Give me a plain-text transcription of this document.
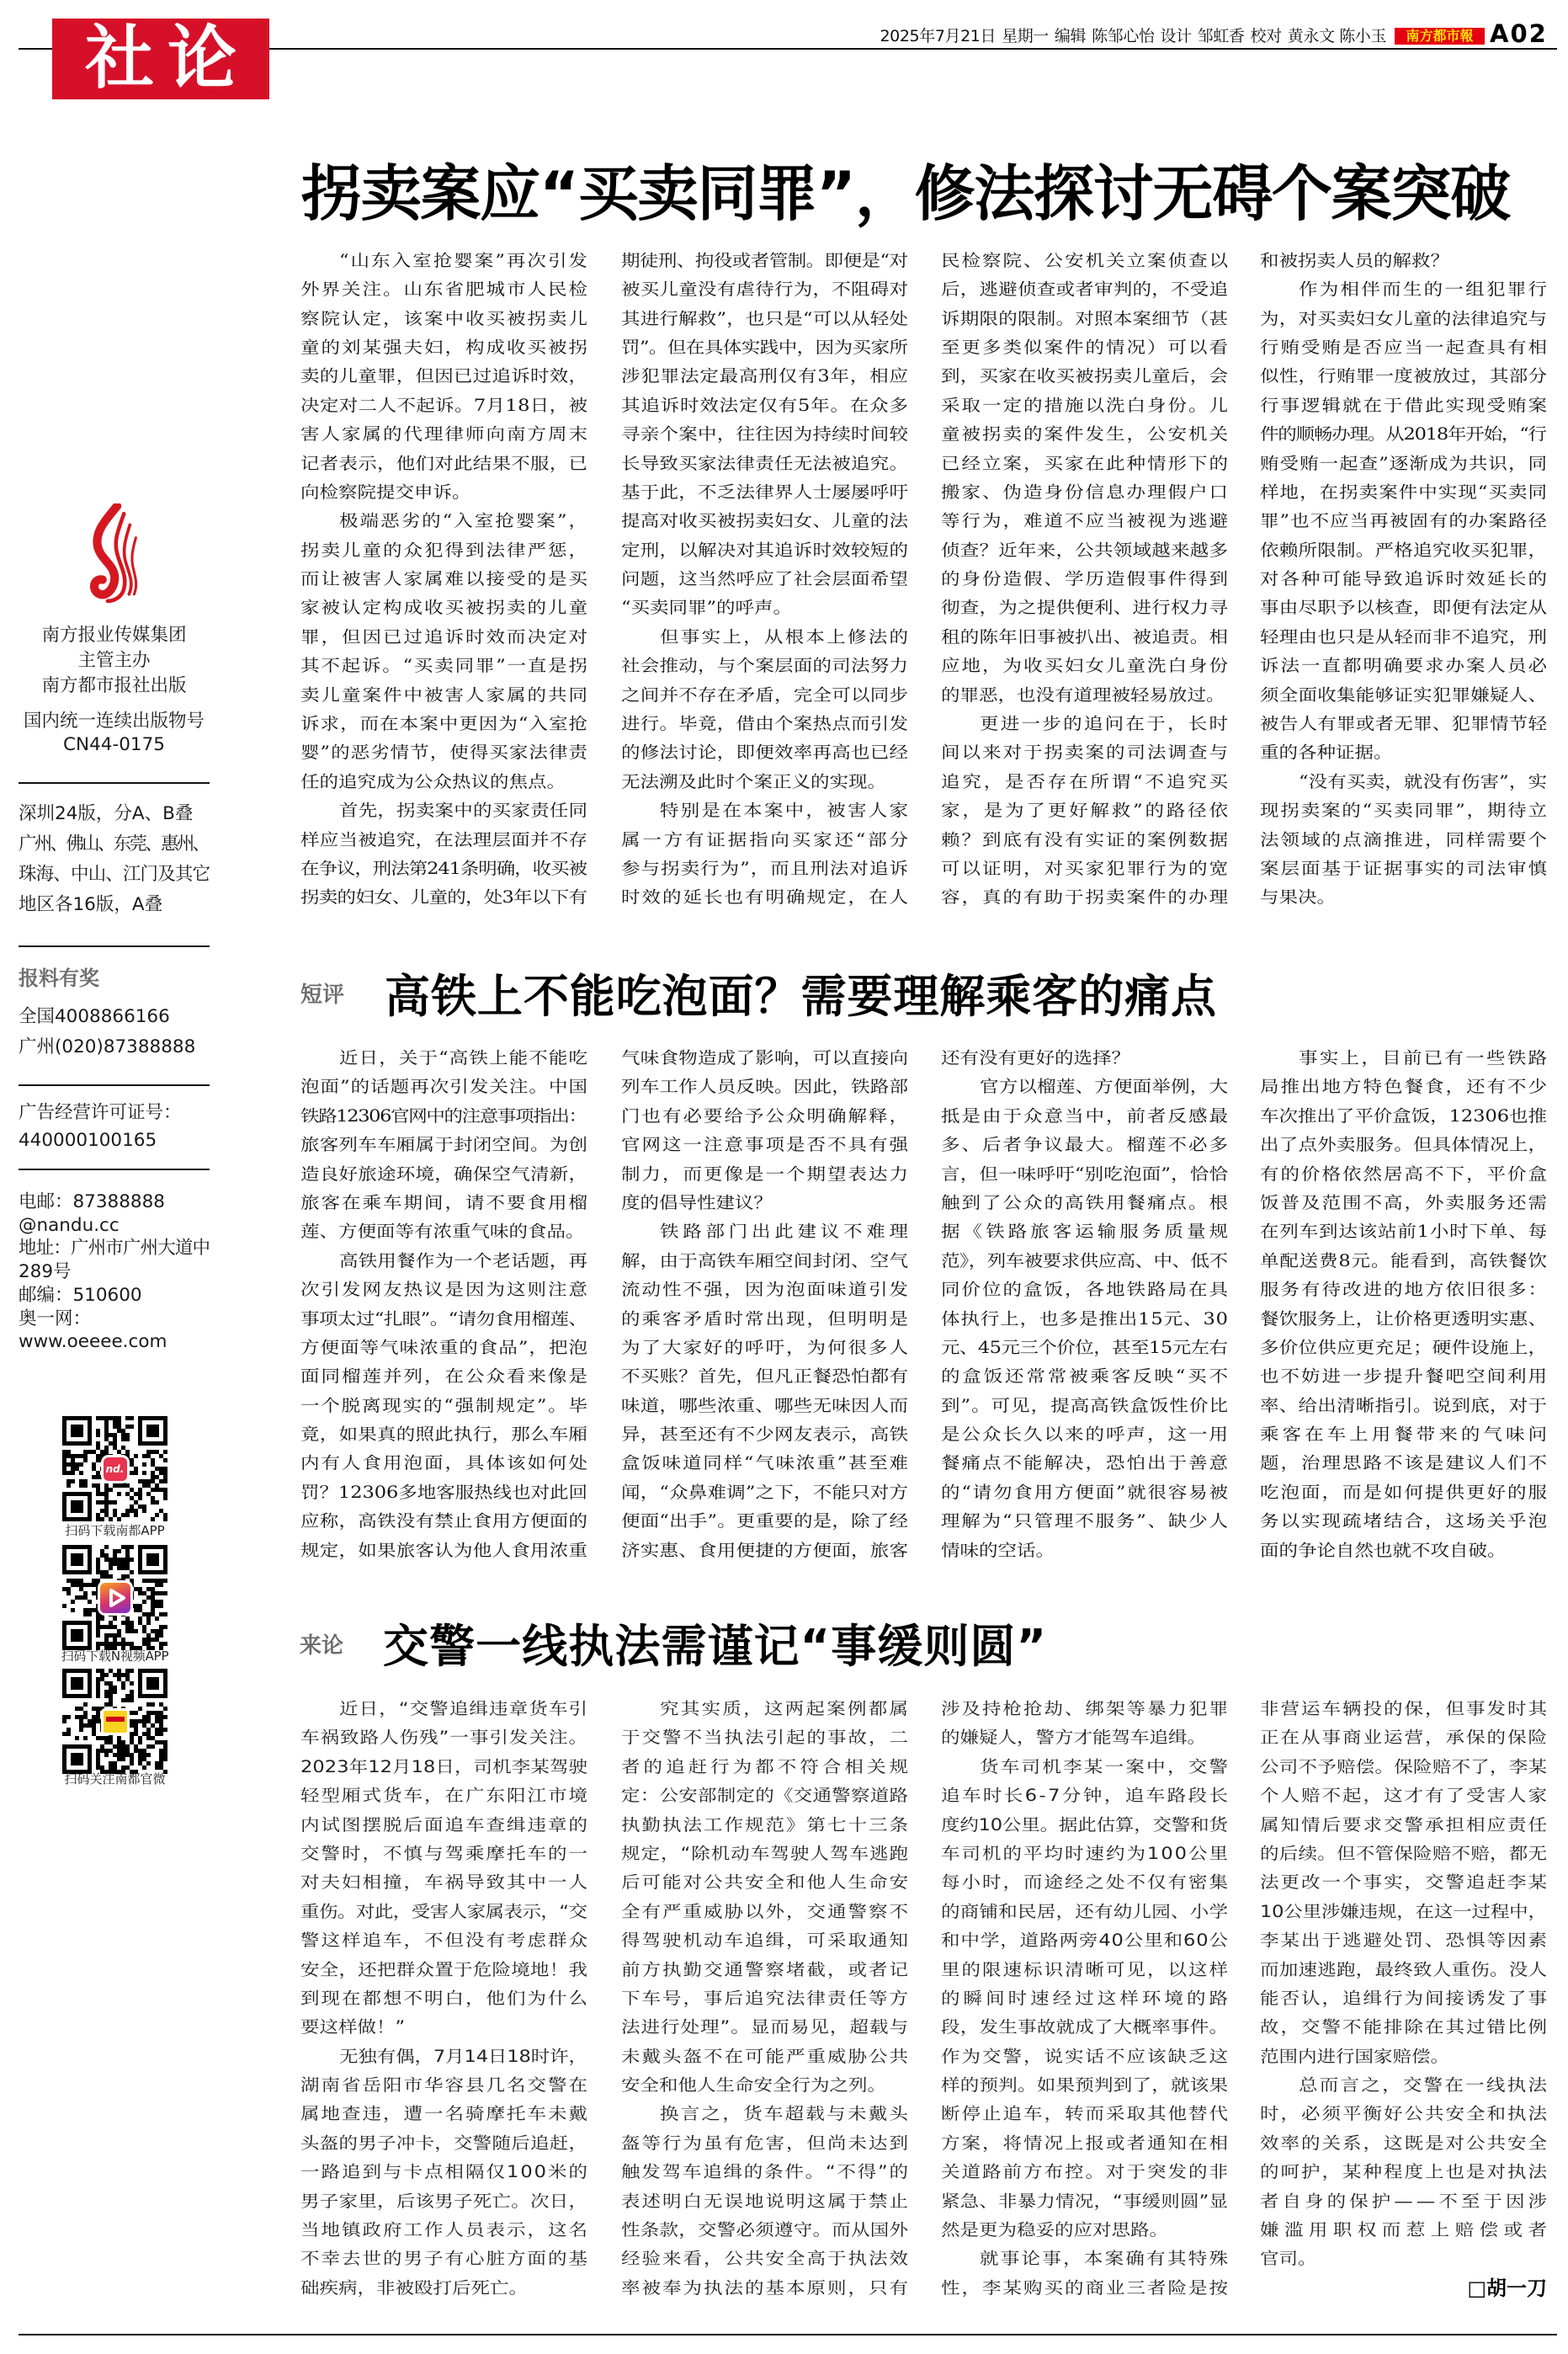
社论	2025年7月21日 星期一 编辑 陈邹心怡 设计 邹虹香 校对 黄永文 陈小玉	南方都市報 A02
南方报业传媒集团
主管主办
南方都市报社出版
国内统一连续出版物号
CN44-0175
深圳24版，分A、B叠
广州、佛山、东莞、惠州、
珠海、中山、江门及其它
地区各16版，A叠
报料有奖
全国4008866166
广州(020)87388888
广告经营许可证号：
440000100165
电邮：87388888
@nandu.cc
地址：广州市广州大道中
289号
邮编：510600
奥一网：
www.oeeee.com
nd.
扫码下载南都APP
扫码下载N视频APP
扫码关注南都官微
拐卖案应“买卖同罪”，修法探讨无碍个案突破
“山东入室抢婴案”再次引发
外界关注。山东省肥城市人民检
察院认定，该案中收买被拐卖儿
童的刘某强夫妇，构成收买被拐
卖的儿童罪，但因已过追诉时效，
决定对二人不起诉。7月18日，被
害人家属的代理律师向南方周末
记者表示，他们对此结果不服，已
向检察院提交申诉。
极端恶劣的“入室抢婴案”，
拐卖儿童的众犯得到法律严惩，
而让被害人家属难以接受的是买
家被认定构成收买被拐卖的儿童
罪，但因已过追诉时效而决定对
其不起诉。“买卖同罪”一直是拐
卖儿童案件中被害人家属的共同
诉求，而在本案中更因为“入室抢
婴”的恶劣情节，使得买家法律责
任的追究成为公众热议的焦点。
首先，拐卖案中的买家责任同
样应当被追究，在法理层面并不存
在争议，刑法第241条明确，收买被
拐卖的妇女、儿童的，处3年以下有
期徒刑、拘役或者管制。即便是“对
被买儿童没有虐待行为，不阻碍对
其进行解救”，也只是“可以从轻处
罚”。但在具体实践中，因为买家所
涉犯罪法定最高刑仅有3年，相应
其追诉时效法定仅有5年。在众多
寻亲个案中，往往因为持续时间较
长导致买家法律责任无法被追究。
基于此，不乏法律界人士屡屡呼吁
提高对收买被拐卖妇女、儿童的法
定刑，以解决对其追诉时效较短的
问题，这当然呼应了社会层面希望
“买卖同罪”的呼声。
但事实上，从根本上修法的
社会推动，与个案层面的司法努力
之间并不存在矛盾，完全可以同步
进行。毕竟，借由个案热点而引发
的修法讨论，即便效率再高也已经
无法溯及此时个案正义的实现。
特别是在本案中，被害人家
属一方有证据指向买家还“部分
参与拐卖行为”，而且刑法对追诉
时效的延长也有明确规定，在人
民检察院、公安机关立案侦查以
后，逃避侦查或者审判的，不受追
诉期限的限制。对照本案细节（甚
至更多类似案件的情况）可以看
到，买家在收买被拐卖儿童后，会
采取一定的措施以洗白身份。儿
童被拐卖的案件发生，公安机关
已经立案，买家在此种情形下的
搬家、伪造身份信息办理假户口
等行为，难道不应当被视为逃避
侦查？近年来，公共领域越来越多
的身份造假、学历造假事件得到
彻查，为之提供便利、进行权力寻
租的陈年旧事被扒出、被追责。相
应地，为收买妇女儿童洗白身份
的罪恶，也没有道理被轻易放过。
更进一步的追问在于，长时
间以来对于拐卖案的司法调查与
追究，是否存在所谓“不追究买
家，是为了更好解救”的路径依
赖？到底有没有实证的案例数据
可以证明，对买家犯罪行为的宽
容，真的有助于拐卖案件的办理
和被拐卖人员的解救？
作为相伴而生的一组犯罪行
为，对买卖妇女儿童的法律追究与
行贿受贿是否应当一起查具有相
似性，行贿罪一度被放过，其部分
行事逻辑就在于借此实现受贿案
件的顺畅办理。从2018年开始，“行
贿受贿一起查”逐渐成为共识，同
样地，在拐卖案件中实现“买卖同
罪”也不应当再被固有的办案路径
依赖所限制。严格追究收买犯罪，
对各种可能导致追诉时效延长的
事由尽职予以核查，即便有法定从
轻理由也只是从轻而非不追究，刑
诉法一直都明确要求办案人员必
须全面收集能够证实犯罪嫌疑人、
被告人有罪或者无罪、犯罪情节轻
重的各种证据。
“没有买卖，就没有伤害”，实
现拐卖案的“买卖同罪”，期待立
法领域的点滴推进，同样需要个
案层面基于证据事实的司法审慎
与果决。
短评 高铁上不能吃泡面？需要理解乘客的痛点
近日，关于“高铁上能不能吃
泡面”的话题再次引发关注。中国
铁路12306官网中的注意事项指出：
旅客列车车厢属于封闭空间。为创
造良好旅途环境，确保空气清新，
旅客在乘车期间，请不要食用榴
莲、方便面等有浓重气味的食品。
高铁用餐作为一个老话题，再
次引发网友热议是因为这则注意
事项太过“扎眼”。“请勿食用榴莲、
方便面等气味浓重的食品”，把泡
面同榴莲并列，在公众看来像是
一个脱离现实的“强制规定”。毕
竟，如果真的照此执行，那么车厢
内有人食用泡面，具体该如何处
罚？12306多地客服热线也对此回
应称，高铁没有禁止食用方便面的
规定，如果旅客认为他人食用浓重
气味食物造成了影响，可以直接向
列车工作人员反映。因此，铁路部
门也有必要给予公众明确解释，
官网这一注意事项是否不具有强
制力，而更像是一个期望表达力
度的倡导性建议？
铁路部门出此建议不难理
解，由于高铁车厢空间封闭、空气
流动性不强，因为泡面味道引发
的乘客矛盾时常出现，但明明是
为了大家好的呼吁，为何很多人
不买账？首先，但凡正餐恐怕都有
味道，哪些浓重、哪些无味因人而
异，甚至还有不少网友表示，高铁
盒饭味道同样“气味浓重”甚至难
闻，“众鼻难调”之下，不能只对方
便面“出手”。更重要的是，除了经
济实惠、食用便捷的方便面，旅客
还有没有更好的选择？
官方以榴莲、方便面举例，大
抵是由于众意当中，前者反感最
多、后者争议最大。榴莲不必多
言，但一味呼吁“别吃泡面”，恰恰
触到了公众的高铁用餐痛点。根
据《铁路旅客运输服务质量规
范》，列车被要求供应高、中、低不
同价位的盒饭，各地铁路局在具
体执行上，也多是推出15元、30
元、45元三个价位，甚至15元左右
的盒饭还常常被乘客反映“买不
到”。可见，提高高铁盒饭性价比
是公众长久以来的呼声，这一用
餐痛点不能解决，恐怕出于善意
的“请勿食用方便面”就很容易被
理解为“只管理不服务”、缺少人
情味的空话。
事实上，目前已有一些铁路
局推出地方特色餐食，还有不少
车次推出了平价盒饭，12306也推
出了点外卖服务。但具体情况上，
有的价格依然居高不下，平价盒
饭普及范围不高，外卖服务还需
在列车到达该站前1小时下单、每
单配送费8元。能看到，高铁餐饮
服务有待改进的地方依旧很多：
餐饮服务上，让价格更透明实惠、
多价位供应更充足；硬件设施上，
也不妨进一步提升餐吧空间利用
率、给出清晰指引。说到底，对于
乘客在车上用餐带来的气味问
题，治理思路不该是建议人们不
吃泡面，而是如何提供更好的服
务以实现疏堵结合，这场关乎泡
面的争论自然也就不攻自破。
来论 交警一线执法需谨记“事缓则圆”
近日，“交警追缉违章货车引
车祸致路人伤残”一事引发关注。
2023年12月18日，司机李某驾驶
轻型厢式货车，在广东阳江市境
内试图摆脱后面追车查缉违章的
交警时，不慎与驾乘摩托车的一
对夫妇相撞，车祸导致其中一人
重伤。对此，受害人家属表示，“交
警这样追车，不但没有考虑群众
安全，还把群众置于危险境地！我
到现在都想不明白，他们为什么
要这样做！”
无独有偶，7月14日18时许，
湖南省岳阳市华容县几名交警在
属地查违，遭一名骑摩托车未戴
头盔的男子冲卡，交警随后追赶，
一路追到与卡点相隔仅100米的
男子家里，后该男子死亡。次日，
当地镇政府工作人员表示，这名
不幸去世的男子有心脏方面的基
础疾病，非被殴打后死亡。
究其实质，这两起案例都属
于交警不当执法引起的事故，二
者的追赶行为都不符合相关规
定：公安部制定的《交通警察道路
执勤执法工作规范》第七十三条
规定，“除机动车驾驶人驾车逃跑
后可能对公共安全和他人生命安
全有严重威胁以外，交通警察不
得驾驶机动车追缉，可采取通知
前方执勤交通警察堵截，或者记
下车号，事后追究法律责任等方
法进行处理”。显而易见，超载与
未戴头盔不在可能严重威胁公共
安全和他人生命安全行为之列。
换言之，货车超载与未戴头
盔等行为虽有危害，但尚未达到
触发驾车追缉的条件。“不得”的
表述明白无误地说明这属于禁止
性条款，交警必须遵守。而从国外
经验来看，公共安全高于执法效
率被奉为执法的基本原则，只有
涉及持枪抢劫、绑架等暴力犯罪
的嫌疑人，警方才能驾车追缉。
货车司机李某一案中，交警
追车时长6-7分钟，追车路段长
度约10公里。据此估算，交警和货
车司机的平均时速约为100公里
每小时，而途经之处不仅有密集
的商铺和民居，还有幼儿园、小学
和中学，道路两旁40公里和60公
里的限速标识清晰可见，以这样
的瞬间时速经过这样环境的路
段，发生事故就成了大概率事件。
作为交警，说实话不应该缺乏这
样的预判。如果预判到了，就该果
断停止追车，转而采取其他替代
方案，将情况上报或者通知在相
关道路前方布控。对于突发的非
紧急、非暴力情况，“事缓则圆”显
然是更为稳妥的应对思路。
就事论事，本案确有其特殊
性，李某购买的商业三者险是按
非营运车辆投的保，但事发时其
正在从事商业运营，承保的保险
公司不予赔偿。保险赔不了，李某
个人赔不起，这才有了受害人家
属知情后要求交警承担相应责任
的后续。但不管保险赔不赔，都无
法更改一个事实，交警追赶李某
10公里涉嫌违规，在这一过程中，
李某出于逃避处罚、恐惧等因素
而加速逃跑，最终致人重伤。没人
能否认，追缉行为间接诱发了事
故，交警不能排除在其过错比例
范围内进行国家赔偿。
总而言之，交警在一线执法
时，必须平衡好公共安全和执法
效率的关系，这既是对公共安全
的呵护，某种程度上也是对执法
者自身的保护——不至于因涉
嫌滥用职权而惹上赔偿或者
官司。
□胡一刀
